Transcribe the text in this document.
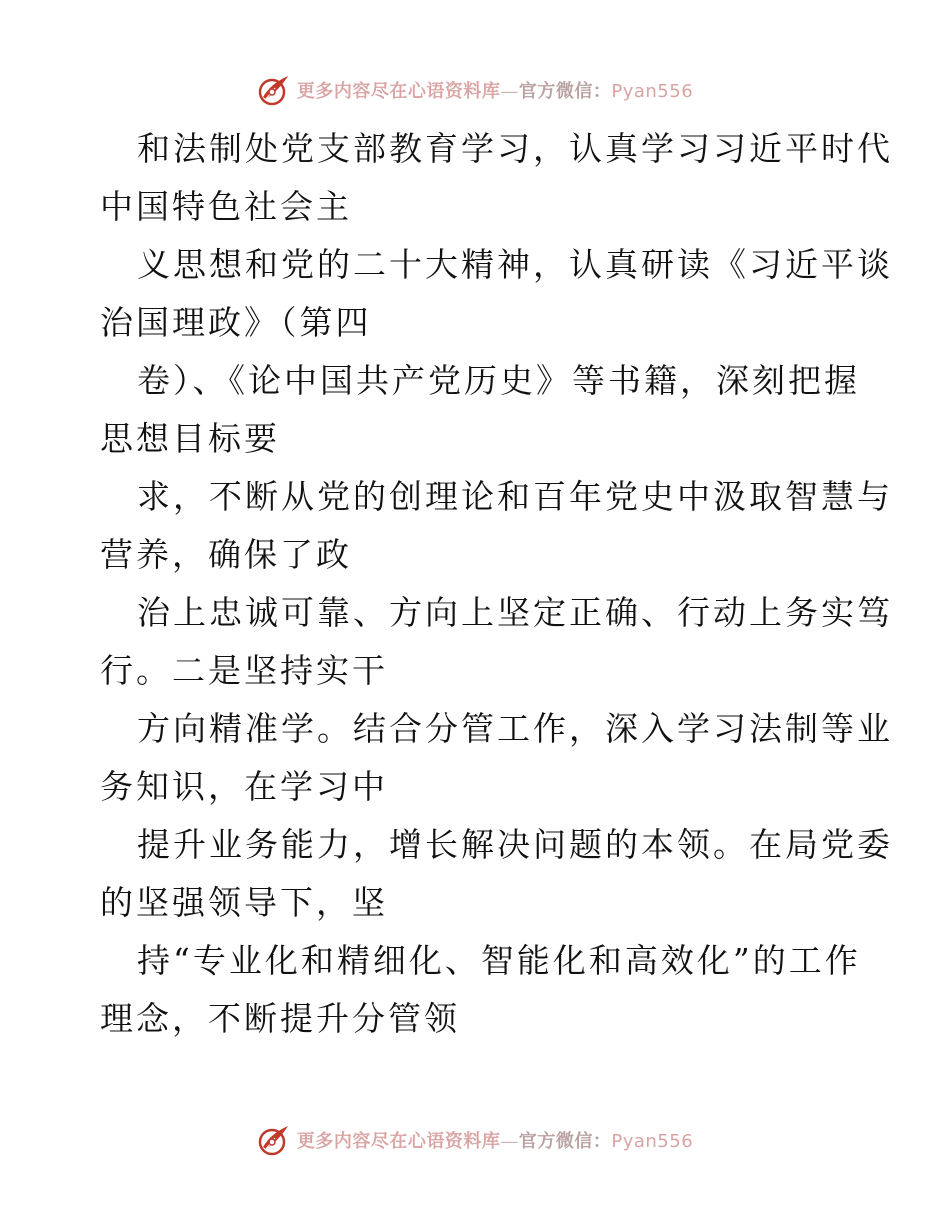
更多内容尽在心语资料库—官方微信：Pyan556
和法制处党支部教育学习，认真学习习近平时代
中国特色社会主
义思想和党的二十大精神，认真研读《习近平谈
治国理政》（第四
卷）、《论中国共产党历史》等书籍，深刻把握
思想目标要
求，不断从党的创理论和百年党史中汲取智慧与
营养，确保了政
治上忠诚可靠、方向上坚定正确、行动上务实笃
行。二是坚持实干
方向精准学。结合分管工作，深入学习法制等业
务知识，在学习中
提升业务能力，增长解决问题的本领。在局党委
的坚强领导下，坚
持“专业化和精细化、智能化和高效化”的工作
理念，不断提升分管领
更多内容尽在心语资料库—官方微信：Pyan556
